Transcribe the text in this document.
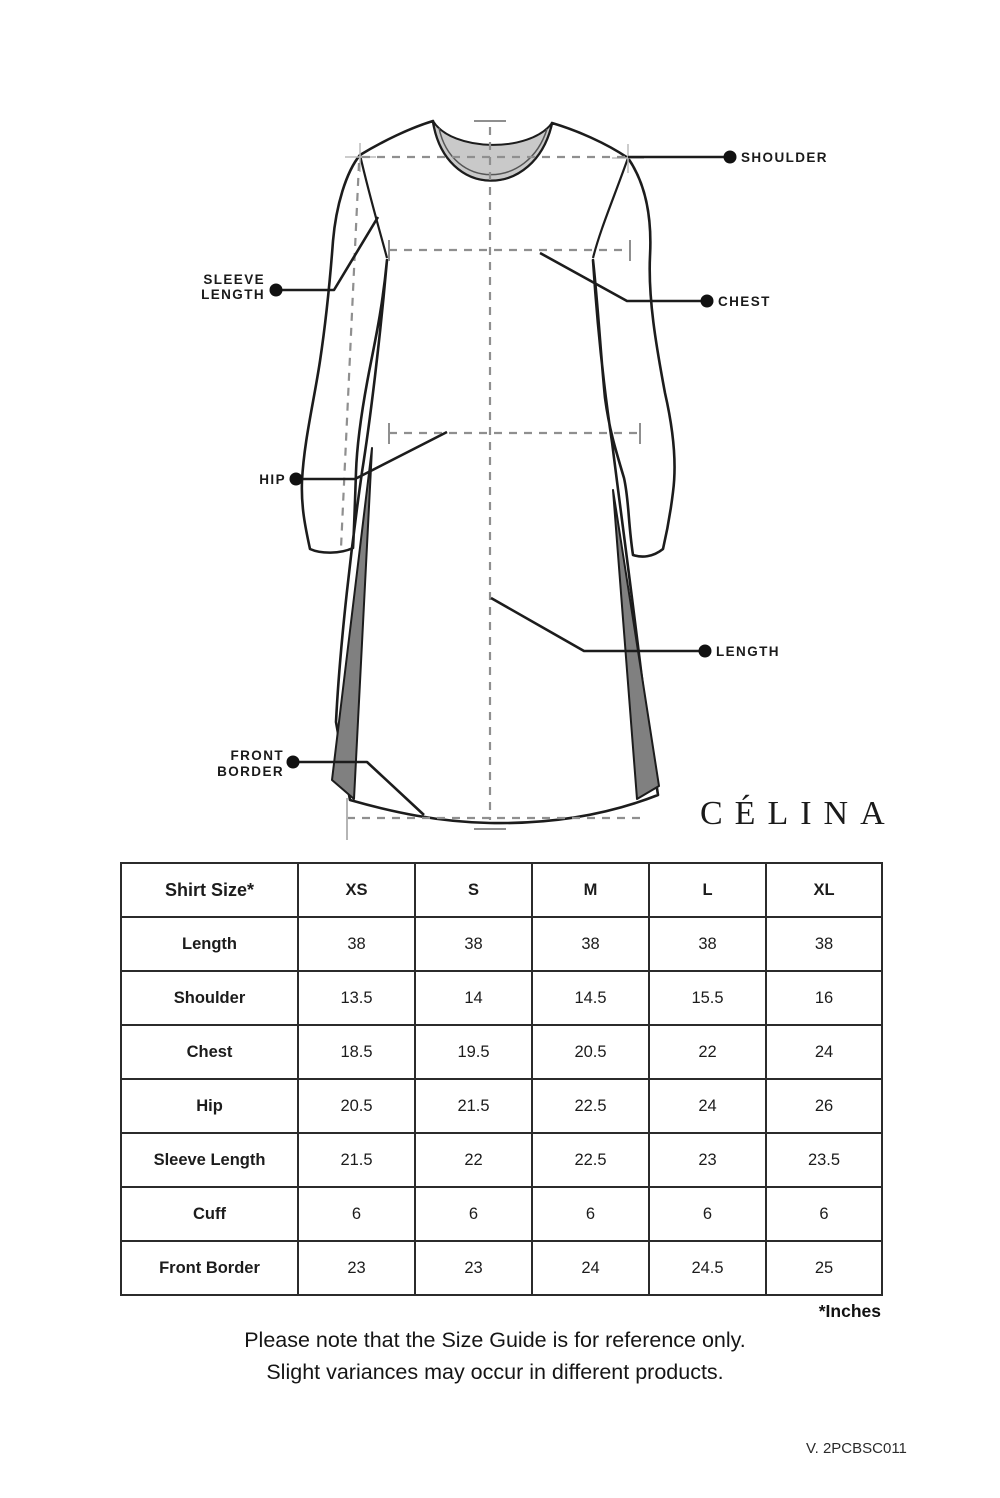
SHOULDER
CHEST
LENGTH
SLEEVE
LENGTH
HIP
FRONT
BORDER
CÉLINA
Shirt Size*	XS	S	M	L	XL
Length	38	38	38	38	38
Shoulder	13.5	14	14.5	15.5	16
Chest	18.5	19.5	20.5	22	24
Hip	20.5	21.5	22.5	24	26
Sleeve Length	21.5	22	22.5	23	23.5
Cuff	6	6	6	6	6
Front Border	23	23	24	24.5	25
*Inches
Please note that the Size Guide is for reference only.
Slight variances may occur in different products.
V. 2PCBSC011
